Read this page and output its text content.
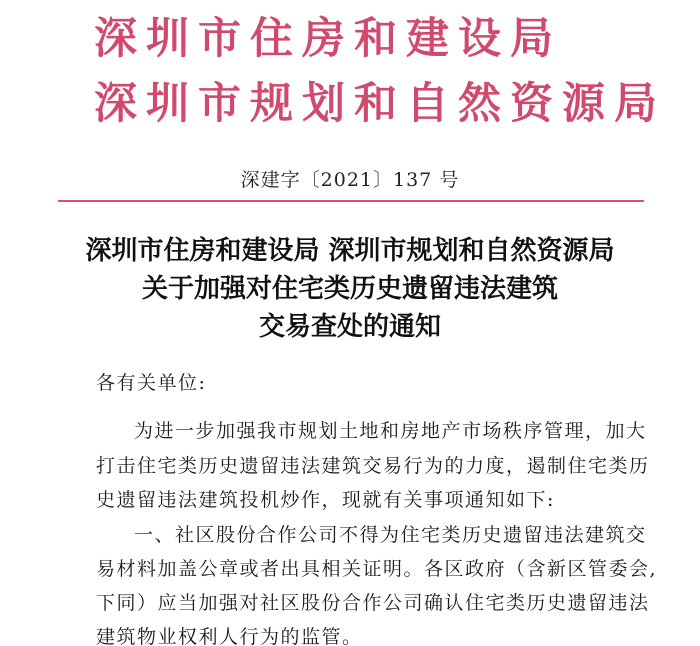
深圳市住房和建设局
深圳市规划和自然资源局
深建字〔2021〕137 号
深圳市住房和建设局 深圳市规划和自然资源局
关于加强对住宅类历史遗留违法建筑
交易查处的通知
各有关单位:
为进一步加强我市规划土地和房地产市场秩序管理，加大
打击住宅类历史遗留违法建筑交易行为的力度，遏制住宅类历
史遗留违法建筑投机炒作，现就有关事项通知如下:
一、社区股份合作公司不得为住宅类历史遗留违法建筑交
易材料加盖公章或者出具相关证明。各区政府（含新区管委会,
下同）应当加强对社区股份合作公司确认住宅类历史遗留违法
建筑物业权利人行为的监管。
